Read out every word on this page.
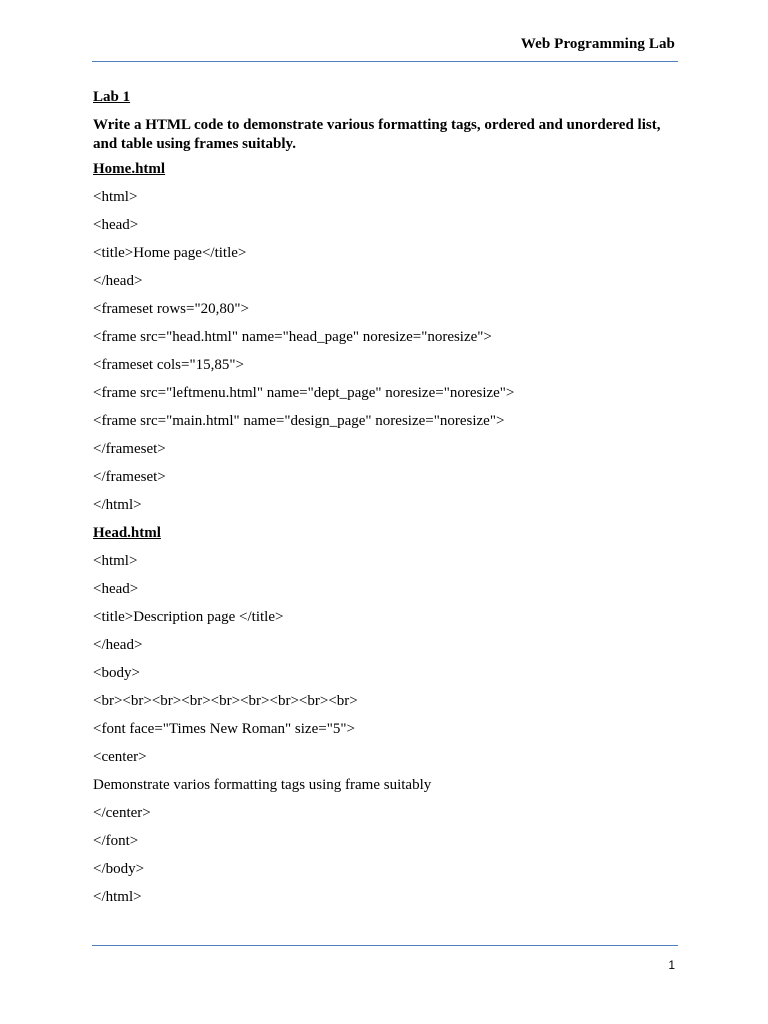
Web Programming Lab
Lab 1
Write a HTML code to demonstrate various formatting tags, ordered and unordered list, and table using frames suitably.
Home.html
<html>
<head>
<title>Home page</title>
</head>
<frameset rows="20,80">
<frame src="head.html" name="head_page" noresize="noresize">
<frameset cols="15,85">
<frame src="leftmenu.html" name="dept_page" noresize="noresize">
<frame src="main.html" name="design_page" noresize="noresize">
</frameset>
</frameset>
</html>
Head.html
<html>
<head>
<title>Description page </title>
</head>
<body>
<br><br><br><br><br><br><br><br><br>
<font face="Times New Roman" size="5">
<center>
Demonstrate varios formatting tags using frame suitably
</center>
</font>
</body>
</html>
1
